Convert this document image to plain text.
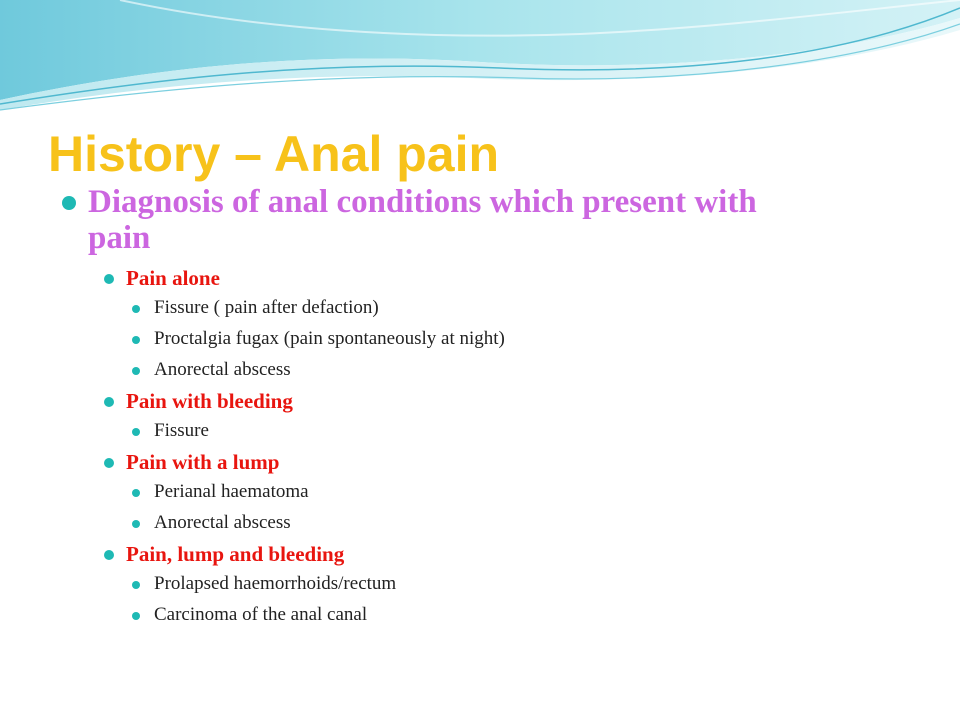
History – Anal pain
Diagnosis of anal conditions which present with pain
Pain alone
Fissure ( pain after defaction)
Proctalgia fugax (pain spontaneously at night)
Anorectal abscess
Pain with bleeding
Fissure
Pain with a lump
Perianal haematoma
Anorectal abscess
Pain, lump and bleeding
Prolapsed haemorrhoids/rectum
Carcinoma of the anal canal
